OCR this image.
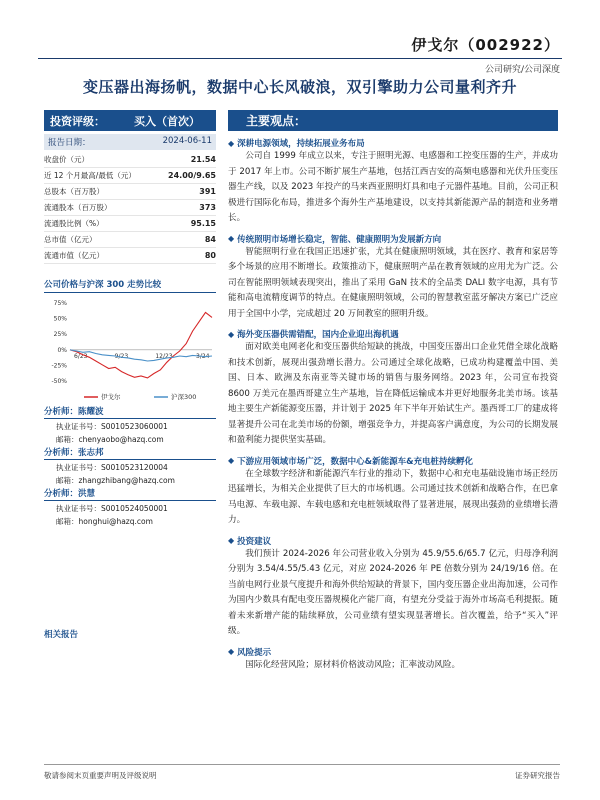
伊戈尔（002922）
公司研究/公司深度
变压器出海扬帆，数据中心长风破浪，双引擎助力公司量利齐升
投资评级：	买入（首次）
报告日期：	2024-06-11
收盘价（元）	21.54
近 12 个月最高/最低（元）	24.00/9.65
总股本（百万股）	391
流通股本（百万股）	373
流通股比例（%）	95.15
总市值（亿元）	84
流通市值（亿元）	80
公司价格与沪深 300 走势比较
75%
50%
25%
0%
-25%
-50%
6/23	9/23	12/23	3/24
伊戈尔	沪深300
分析师：陈耀波
执业证书号：S0010523060001
邮箱：chenyaobo@hazq.com
分析师：张志邦
执业证书号：S0010523120004
邮箱：zhangzhibang@hazq.com
分析师：洪慧
执业证书号：S0010524050001
邮箱：honghui@hazq.com
相关报告
主要观点：
◆ 深耕电源领域，持续拓展业务布局
公司自 1999 年成立以来，专注于照明光源、电感器和工控变压器的生产，并成功于 2017 年上市。公司不断扩展生产基地，包括江西吉安的高频电感器和光伏升压变压器生产线，以及 2023 年投产的马来西亚照明灯具和电子元器件基地。目前，公司正积极进行国际化布局，推进多个海外生产基地建设，以支持其新能源产品的制造和业务增长。
◆ 传统照明市场增长稳定，智能、健康照明为发展新方向
智能照明行业在我国正迅速扩张，尤其在健康照明领域，其在医疗、教育和家居等多个场景的应用不断增长。政策推动下，健康照明产品在教育领域的应用尤为广泛。公司在智能照明领域表现突出，推出了采用 GaN 技术的全品类 DALI 数字电源，具有节能和高电流精度调节的特点。在健康照明领域，公司的智慧教室蓝牙解决方案已广泛应用于全国中小学，完成超过 20 万间教室的照明升级。
◆ 海外变压器供需错配，国内企业迎出海机遇
面对欧美电网老化和变压器供给短缺的挑战，中国变压器出口企业凭借全球化战略和技术创新，展现出强劲增长潜力。公司通过全球化战略，已成功构建覆盖中国、美国、日本、欧洲及东南亚等关键市场的销售与服务网络。2023 年，公司宣布投资 8600 万美元在墨西哥建立生产基地，旨在降低运输成本并更好地服务北美市场。该基地主要生产新能源变压器，并计划于 2025 年下半年开始试生产。墨西哥工厂的建成将显著提升公司在北美市场的份额，增强竞争力，并提高客户满意度，为公司的长期发展和盈利能力提供坚实基础。
◆ 下游应用领域市场广泛，数据中心&新能源车&充电桩持续孵化
在全球数字经济和新能源汽车行业的推动下，数据中心和充电基础设施市场正经历迅猛增长，为相关企业提供了巨大的市场机遇。公司通过技术创新和战略合作，在巴拿马电源、车载电源、车载电感和充电桩领域取得了显著进展，展现出强劲的业绩增长潜力。
◆ 投资建议
我们预计 2024-2026 年公司营业收入分别为 45.9/55.6/65.7 亿元，归母净利润分别为 3.54/4.55/5.43 亿元，对应 2024-2026 年 PE 倍数分别为 24/19/16 倍。在当前电网行业景气度提升和海外供给短缺的背景下，国内变压器企业出海加速，公司作为国内少数具有配电变压器规模化产能厂商，有望充分受益于海外市场高毛利提振。随着未来新增产能的陆续释放，公司业绩有望实现显著增长。首次覆盖，给予“买入”评级。
◆ 风险提示
国际化经营风险；原材料价格波动风险；汇率波动风险。
敬请参阅末页重要声明及评级说明	证券研究报告
